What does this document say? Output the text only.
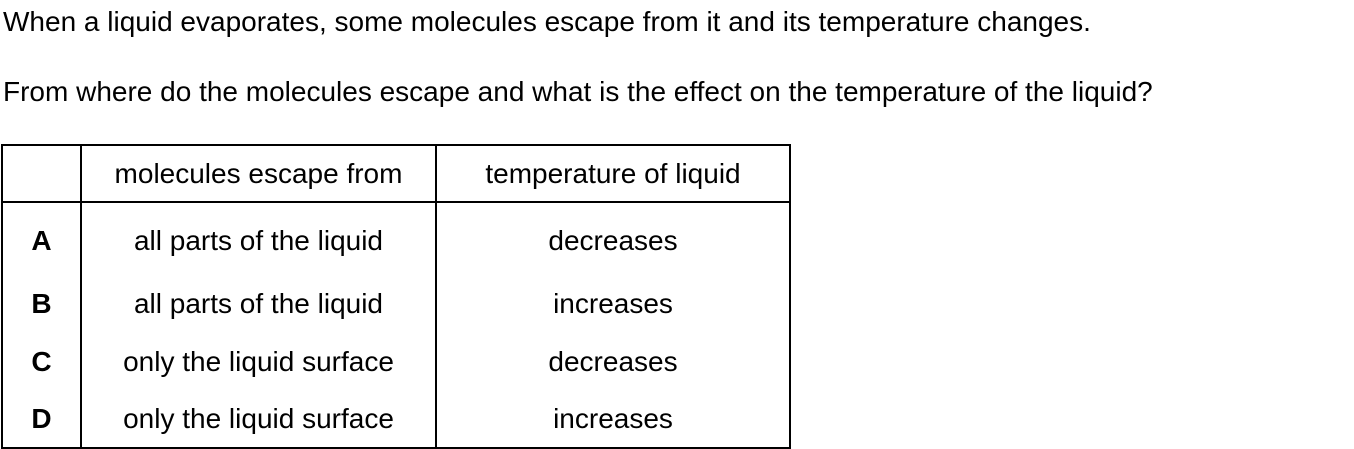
When a liquid evaporates, some molecules escape from it and its temperature changes.
From where do the molecules escape and what is the effect on the temperature of the liquid?
	molecules escape from	temperature of liquid
A	all parts of the liquid	decreases
B	all parts of the liquid	increases
C	only the liquid surface	decreases
D	only the liquid surface	increases
